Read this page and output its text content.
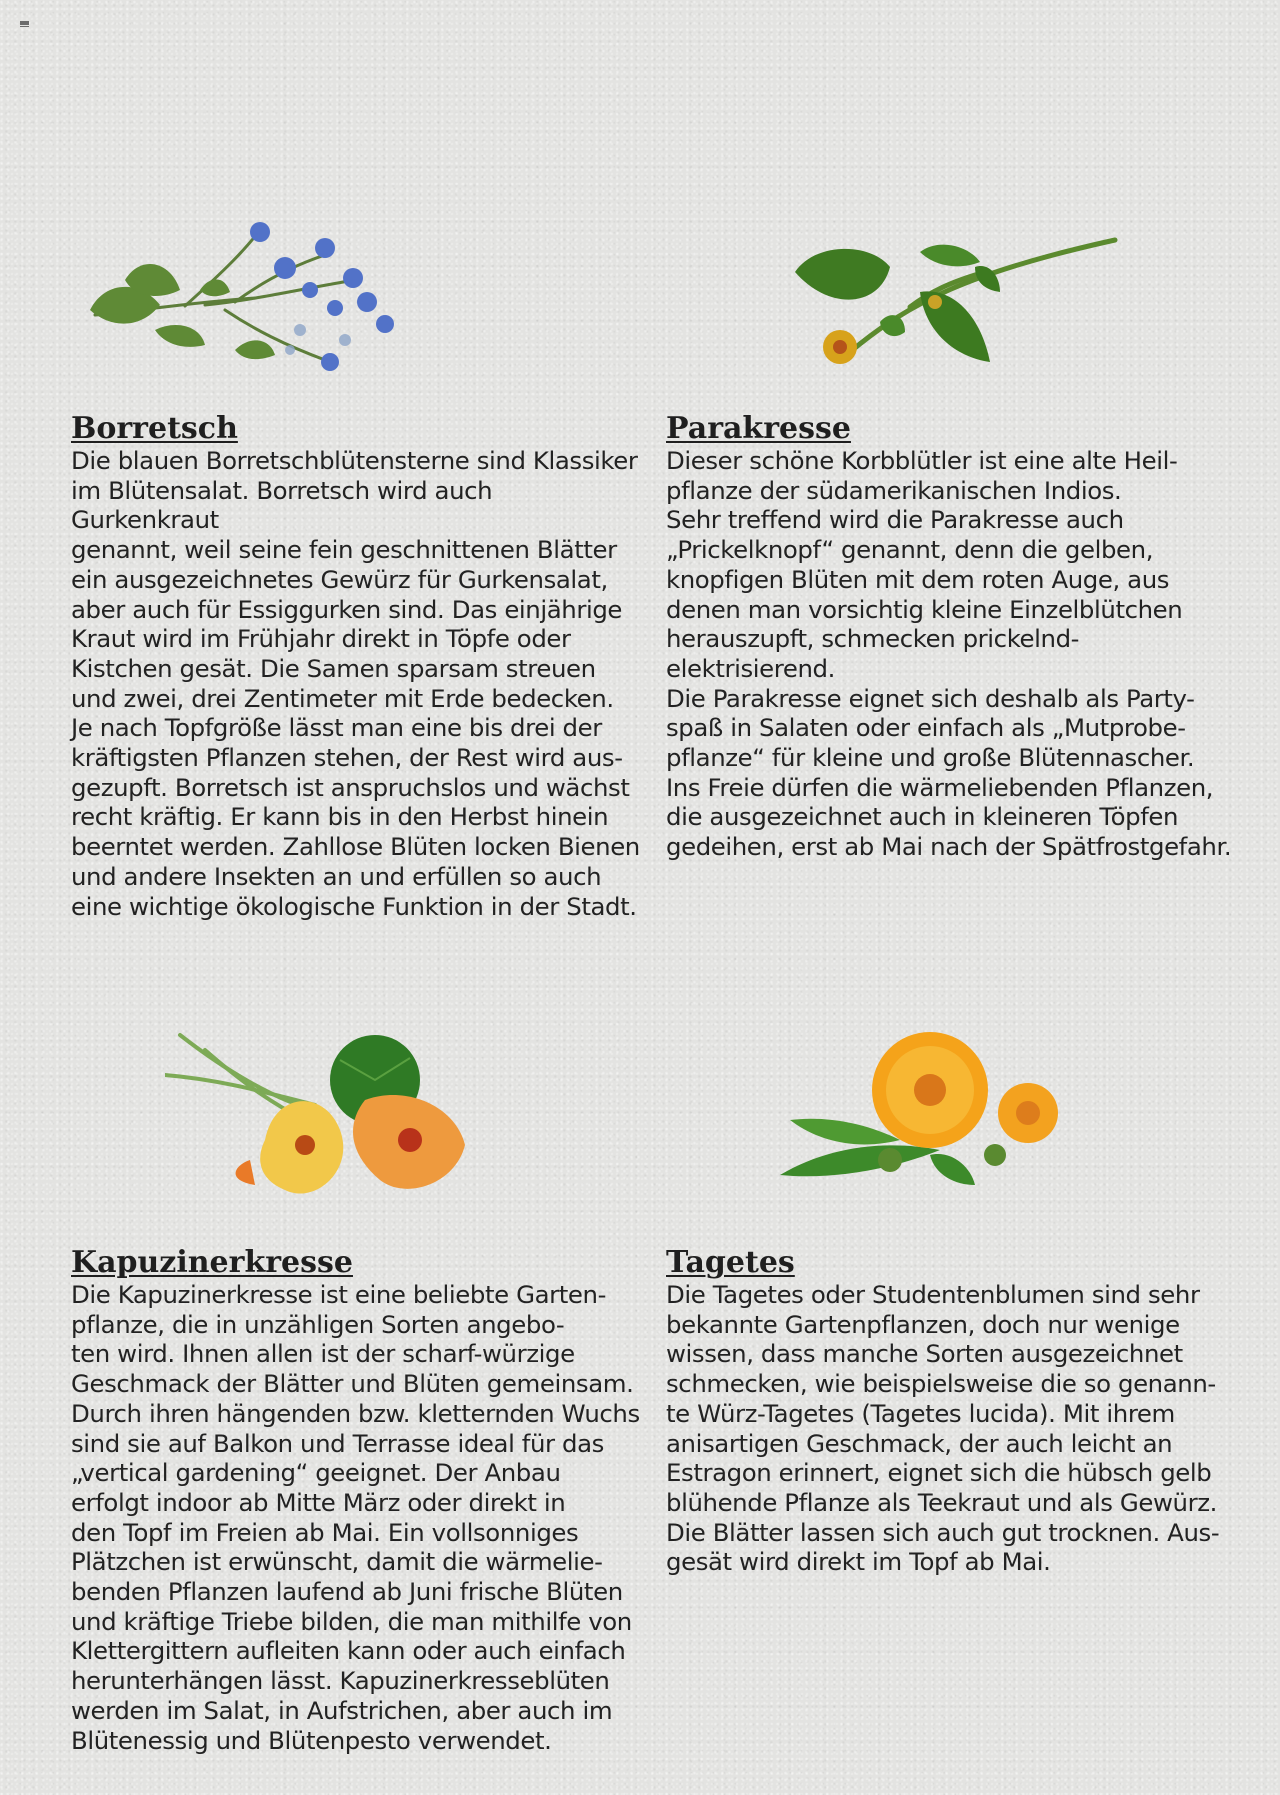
Borretsch

Die blauen Borretschblütensterne sind Klassiker
im Blütensalat. Borretsch wird auch Gurkenkraut
genannt, weil seine fein geschnittenen Blätter
ein ausgezeichnetes Gewürz für Gurkensalat,
aber auch für Essiggurken sind. Das einjährige
Kraut wird im Frühjahr direkt in Töpfe oder
Kistchen gesät. Die Samen sparsam streuen
und zwei, drei Zentimeter mit Erde bedecken.
Je nach Topfgröße lässt man eine bis drei der
kräftigsten Pflanzen stehen, der Rest wird aus-
gezupft. Borretsch ist anspruchslos und wächst
recht kräftig. Er kann bis in den Herbst hinein
beerntet werden. Zahllose Blüten locken Bienen
und andere Insekten an und erfüllen so auch
eine wichtige ökologische Funktion in der Stadt.

Parakresse

Dieser schöne Korbblütler ist eine alte Heil-
pflanze der südamerikanischen Indios.
Sehr treffend wird die Parakresse auch
„Prickelknopf“ genannt, denn die gelben,
knopfigen Blüten mit dem roten Auge, aus
denen man vorsichtig kleine Einzelblütchen
herauszupft, schmecken prickelnd-elektrisierend.
Die Parakresse eignet sich deshalb als Party-
spaß in Salaten oder einfach als „Mutprobe-
pflanze“ für kleine und große Blütennascher.
Ins Freie dürfen die wärmeliebenden Pflanzen,
die ausgezeichnet auch in kleineren Töpfen
gedeihen, erst ab Mai nach der Spätfrostgefahr.

Kapuzinerkresse

Die Kapuzinerkresse ist eine beliebte Garten-
pflanze, die in unzähligen Sorten angebo-
ten wird. Ihnen allen ist der scharf-würzige
Geschmack der Blätter und Blüten gemeinsam.
Durch ihren hängenden bzw. kletternden Wuchs
sind sie auf Balkon und Terrasse ideal für das
„vertical gardening“ geeignet. Der Anbau
erfolgt indoor ab Mitte März oder direkt in
den Topf im Freien ab Mai. Ein vollsonniges
Plätzchen ist erwünscht, damit die wärmelie-
benden Pflanzen laufend ab Juni frische Blüten
und kräftige Triebe bilden, die man mithilfe von
Klettergittern aufleiten kann oder auch einfach
herunterhängen lässt. Kapuzinerkresseblüten
werden im Salat, in Aufstrichen, aber auch im
Blütenessig und Blütenpesto verwendet.

Tagetes

Die Tagetes oder Studentenblumen sind sehr
bekannte Gartenpflanzen, doch nur wenige
wissen, dass manche Sorten ausgezeichnet
schmecken, wie beispielsweise die so genann-
te Würz-Tagetes (Tagetes lucida). Mit ihrem
anisartigen Geschmack, der auch leicht an
Estragon erinnert, eignet sich die hübsch gelb
blühende Pflanze als Teekraut und als Gewürz.
Die Blätter lassen sich auch gut trocknen. Aus-
gesät wird direkt im Topf ab Mai.
